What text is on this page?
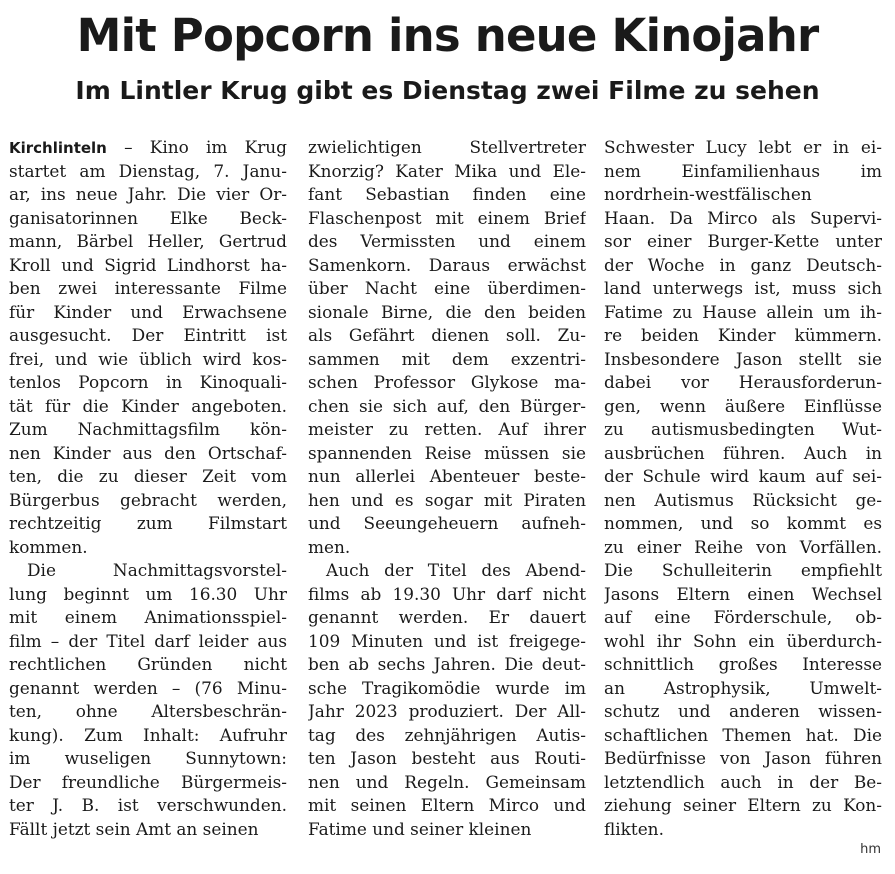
Mit Popcorn ins neue Kinojahr
Im Lintler Krug gibt es Dienstag zwei Filme zu sehen
Kirchlinteln – Kino im Krug
startet am Dienstag, 7. Janu-
ar, ins neue Jahr. Die vier Or-
ganisatorinnen Elke Beck-
mann, Bärbel Heller, Gertrud
Kroll und Sigrid Lindhorst ha-
ben zwei interessante Filme
für Kinder und Erwachsene
ausgesucht. Der Eintritt ist
frei, und wie üblich wird kos-
tenlos Popcorn in Kinoquali-
tät für die Kinder angeboten.
Zum Nachmittagsfilm kön-
nen Kinder aus den Ortschaf-
ten, die zu dieser Zeit vom
Bürgerbus gebracht werden,
rechtzeitig zum Filmstart
kommen.
Die Nachmittagsvorstel-
lung beginnt um 16.30 Uhr
mit einem Animationsspiel-
film – der Titel darf leider aus
rechtlichen Gründen nicht
genannt werden – (76 Minu-
ten, ohne Altersbeschrän-
kung). Zum Inhalt: Aufruhr
im wuseligen Sunnytown:
Der freundliche Bürgermeis-
ter J. B. ist verschwunden.
Fällt jetzt sein Amt an seinen
zwielichtigen Stellvertreter
Knorzig? Kater Mika und Ele-
fant Sebastian finden eine
Flaschenpost mit einem Brief
des Vermissten und einem
Samenkorn. Daraus erwächst
über Nacht eine überdimen-
sionale Birne, die den beiden
als Gefährt dienen soll. Zu-
sammen mit dem exzentri-
schen Professor Glykose ma-
chen sie sich auf, den Bürger-
meister zu retten. Auf ihrer
spannenden Reise müssen sie
nun allerlei Abenteuer beste-
hen und es sogar mit Piraten
und Seeungeheuern aufneh-
men.
Auch der Titel des Abend-
films ab 19.30 Uhr darf nicht
genannt werden. Er dauert
109 Minuten und ist freigege-
ben ab sechs Jahren. Die deut-
sche Tragikomödie wurde im
Jahr 2023 produziert. Der All-
tag des zehnjährigen Autis-
ten Jason besteht aus Routi-
nen und Regeln. Gemeinsam
mit seinen Eltern Mirco und
Fatime und seiner kleinen
Schwester Lucy lebt er in ei-
nem Einfamilienhaus im
nordrhein-westfälischen
Haan. Da Mirco als Supervi-
sor einer Burger-Kette unter
der Woche in ganz Deutsch-
land unterwegs ist, muss sich
Fatime zu Hause allein um ih-
re beiden Kinder kümmern.
Insbesondere Jason stellt sie
dabei vor Herausforderun-
gen, wenn äußere Einflüsse
zu autismusbedingten Wut-
ausbrüchen führen. Auch in
der Schule wird kaum auf sei-
nen Autismus Rücksicht ge-
nommen, und so kommt es
zu einer Reihe von Vorfällen.
Die Schulleiterin empfiehlt
Jasons Eltern einen Wechsel
auf eine Förderschule, ob-
wohl ihr Sohn ein überdurch-
schnittlich großes Interesse
an Astrophysik, Umwelt-
schutz und anderen wissen-
schaftlichen Themen hat. Die
Bedürfnisse von Jason führen
letztendlich auch in der Be-
ziehung seiner Eltern zu Kon-
flikten.
hm
